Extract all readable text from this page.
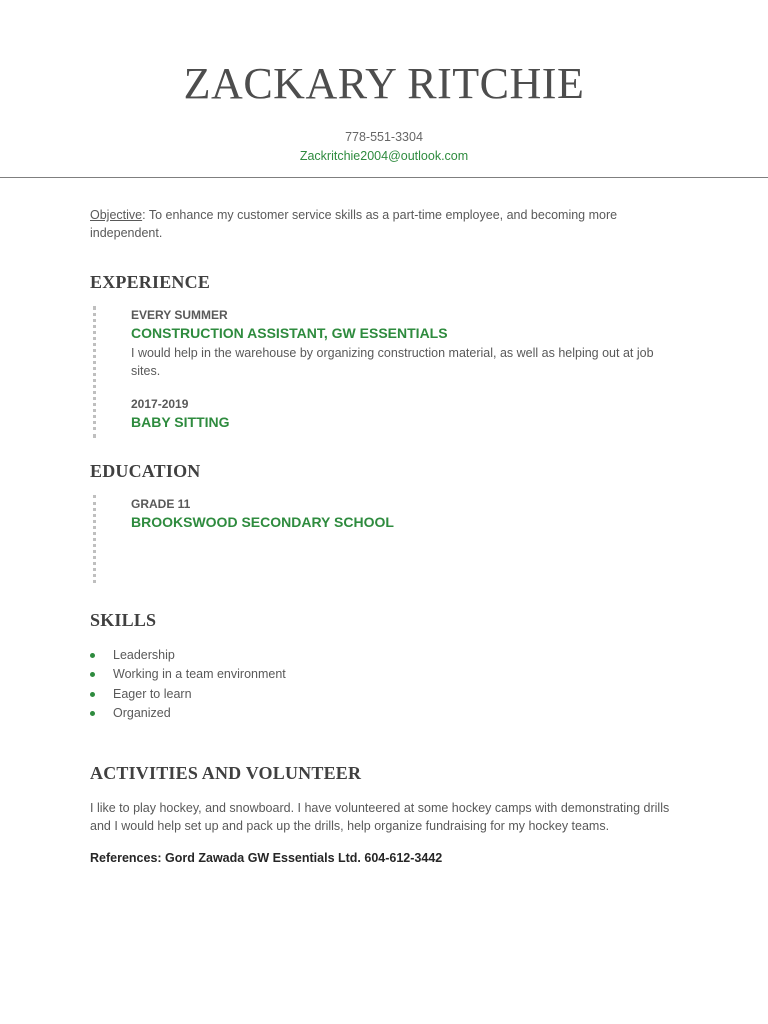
ZACKARY RITCHIE
778-551-3304
Zackritchie2004@outlook.com
Objective: To enhance my customer service skills as a part-time employee, and becoming more independent.
EXPERIENCE
EVERY SUMMER
CONSTRUCTION ASSISTANT, GW ESSENTIALS
I would help in the warehouse by organizing construction material, as well as helping out at job sites.
2017-2019
BABY SITTING
EDUCATION
GRADE 11
BROOKSWOOD SECONDARY SCHOOL
SKILLS
Leadership
Working in a team environment
Eager to learn
Organized
ACTIVITIES AND VOLUNTEER
I like to play hockey, and snowboard. I have volunteered at some hockey camps with demonstrating drills and I would help set up and pack up the drills, help organize fundraising for my hockey teams.
References: Gord Zawada GW Essentials Ltd. 604-612-3442
